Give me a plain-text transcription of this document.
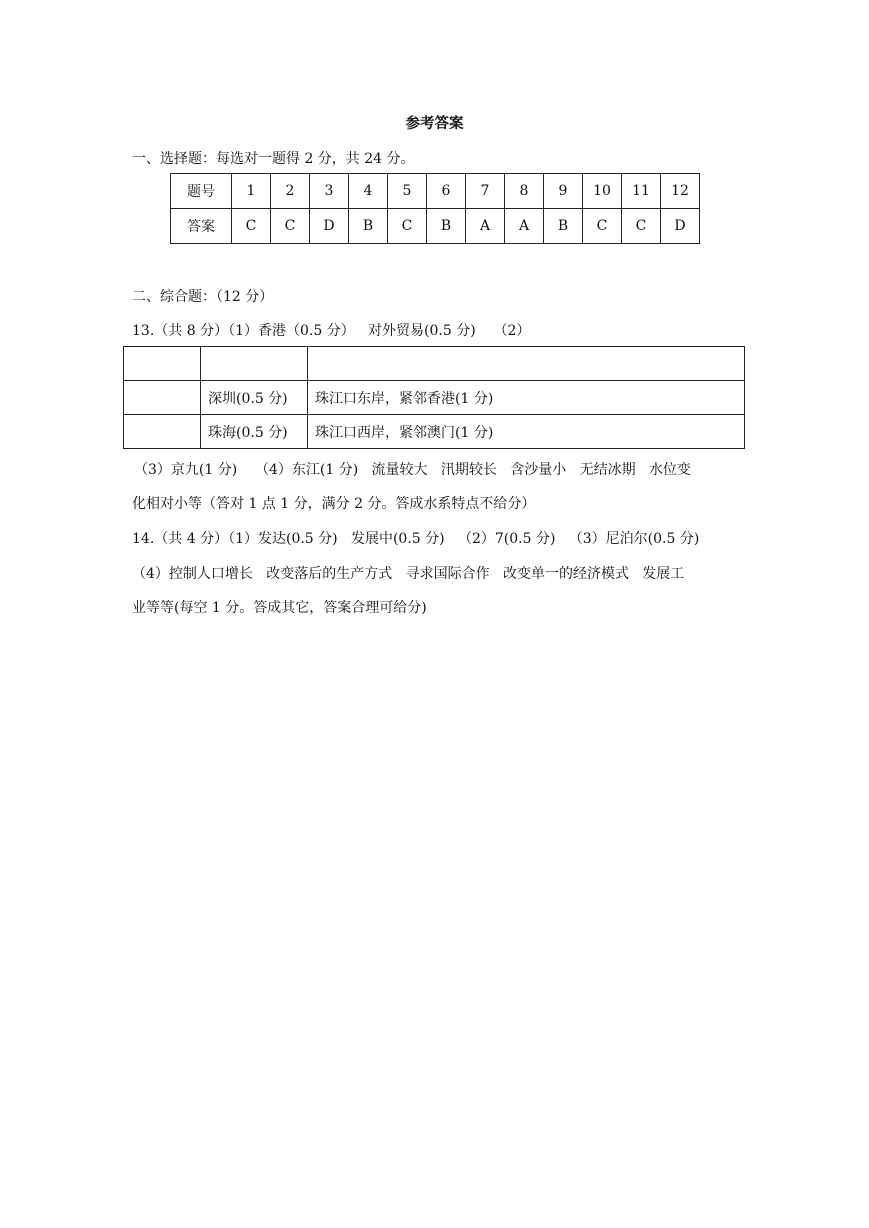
参考答案
一、选择题：每选对一题得 2 分，共 24 分。
题号	1	2	3	4	5	6	7	8	9	10	11	12
答案	C	C	D	B	C	B	A	A	B	C	C	D
二、综合题：（12 分）
13.（共 8 分）（1）香港（0.5 分）   对外贸易(0.5 分)    （2）

	深圳(0.5 分)	珠江口东岸，紧邻香港(1 分)
	珠海(0.5 分)	珠江口西岸，紧邻澳门(1 分)
（3）京九(1 分)    （4）东江(1 分)   流量较大   汛期较长   含沙量小   无结冰期   水位变
化相对小等（答对 1 点 1 分，满分 2 分。答成水系特点不给分）
14.（共 4 分）（1）发达(0.5 分)   发展中(0.5 分)   （2）7(0.5 分)   （3）尼泊尔(0.5 分)
（4）控制人口增长   改变落后的生产方式   寻求国际合作   改变单一的经济模式   发展工
业等等(每空 1 分。答成其它，答案合理可给分)
